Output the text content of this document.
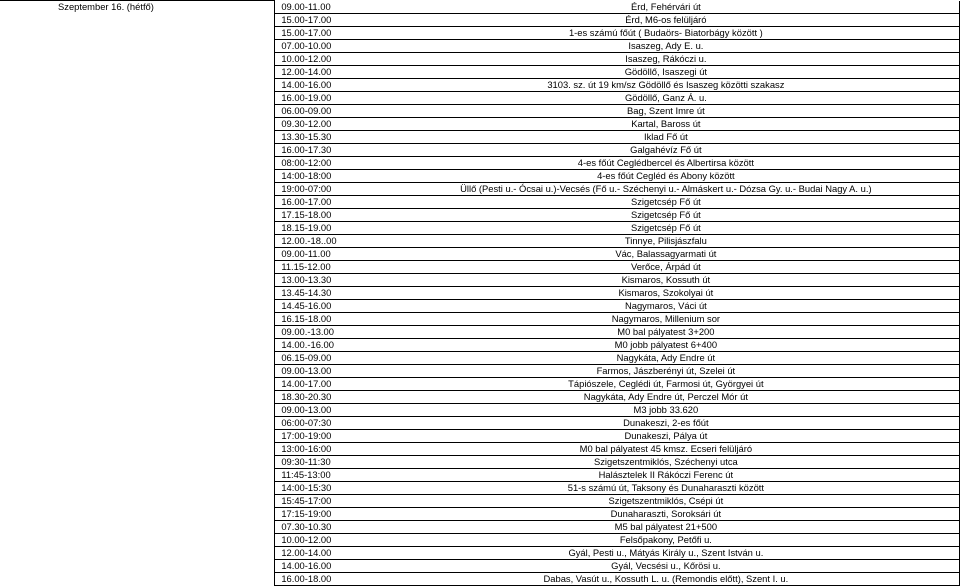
Szeptember 16. (hétfő)	09.00-11.00	Érd, Fehérvári út
	15.00-17.00	Érd, M6-os felüljáró
	15.00-17.00	1-es számú főút ( Budaörs- Biatorbágy között )
	07.00-10.00	Isaszeg, Ady E. u.
	10.00-12.00	Isaszeg, Rákóczi u.
	12.00-14.00	Gödöllő, Isaszegi út
	14.00-16.00	3103. sz. út 19 km/sz Gödöllő és Isaszeg közötti szakasz
	16.00-19.00	Gödöllő, Ganz Á. u.
	06.00-09.00	Bag, Szent Imre út
	09.30-12.00	Kartal, Baross út
	13.30-15.30	Iklad Fő út
	16.00-17.30	Galgahévíz Fő út
	08:00-12:00	4-es főút Ceglédbercel és Albertirsa között
	14:00-18:00	4-es főút Cegléd és Abony között
	19:00-07:00	Üllő (Pesti u.- Ócsai u.)-Vecsés (Fő u.- Széchenyi u.- Almáskert u.- Dózsa Gy. u.- Budai Nagy A. u.)
	16.00-17.00	Szigetcsép Fő út
	17.15-18.00	Szigetcsép Fő út
	18.15-19.00	Szigetcsép Fő út
	12.00.-18..00	Tinnye, Pilisjászfalu
	09.00-11.00	Vác, Balassagyarmati út
	11.15-12.00	Verőce, Árpád út
	13.00-13.30	Kismaros, Kossuth út
	13.45-14.30	Kismaros, Szokolyai út
	14.45-16.00	Nagymaros, Váci út
	16.15-18.00	Nagymaros, Millenium sor
	09.00.-13.00	M0 bal pályatest 3+200
	14.00.-16.00	M0 jobb pályatest 6+400
	06.15-09.00	Nagykáta, Ady Endre út
	09.00-13.00	Farmos, Jászberényi út, Szelei út
	14.00-17.00	Tápiószele, Ceglédi út, Farmosi út, Györgyei út
	18.30-20.30	Nagykáta, Ady Endre út, Perczel Mór út
	09.00-13.00	M3 jobb 33.620
	06:00-07:30	Dunakeszi, 2-es főút
	17:00-19:00	Dunakeszi, Pálya út
	13:00-16:00	M0 bal pályatest 45 kmsz. Ecseri felüljáró
	09:30-11:30	Szigetszentmiklós, Széchenyi utca
	11:45-13:00	Halásztelek II Rákóczi Ferenc út
	14:00-15:30	51-s számú út, Taksony és Dunaharaszti között
	15:45-17:00	Szigetszentmiklós, Csépi út
	17:15-19:00	Dunaharaszti, Soroksári út
	07.30-10.30	M5 bal pályatest 21+500
	10.00-12.00	Felsőpakony, Petőfi u.
	12.00-14.00	Gyál, Pesti u., Mátyás Király u., Szent István u.
	14.00-16.00	Gyál, Vecsési u., Kőrösi u.
	16.00-18.00	Dabas, Vasút u., Kossuth L. u. (Remondis előtt), Szent I. u.
